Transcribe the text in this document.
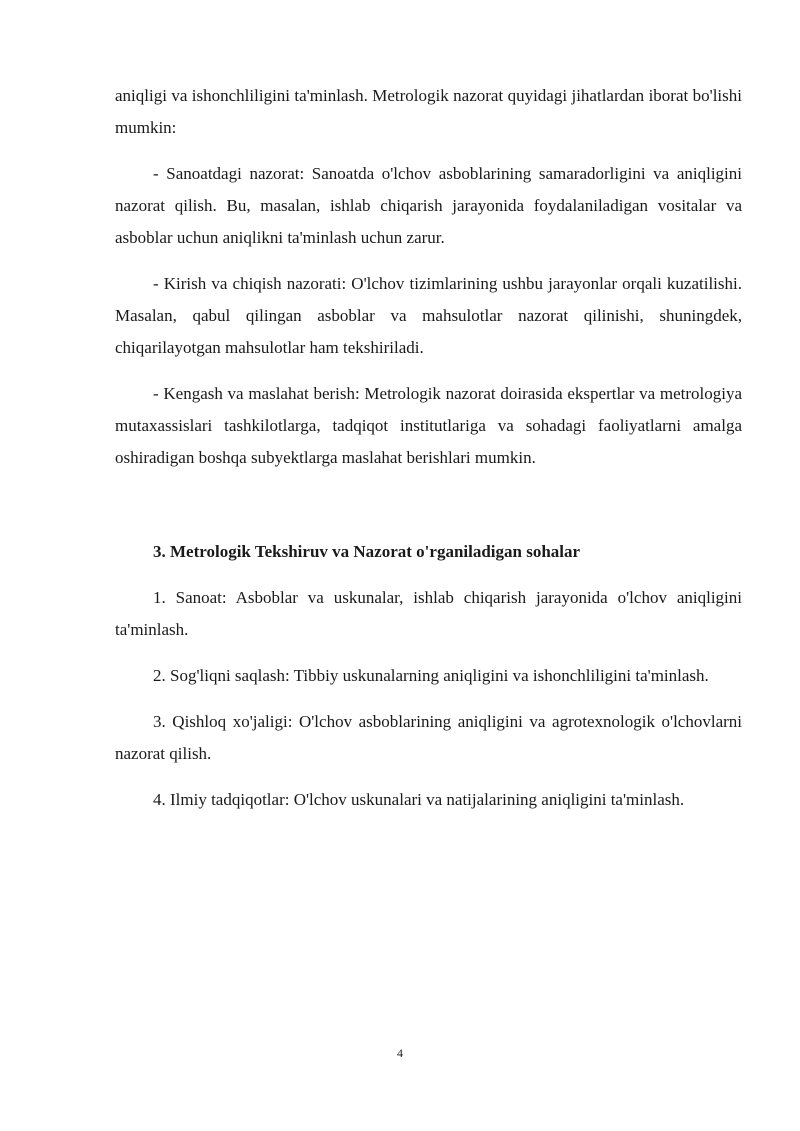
aniqligi va ishonchliligini ta'minlash. Metrologik nazorat quyidagi jihatlardan iborat bo'lishi mumkin:

- Sanoatdagi nazorat: Sanoatda o'lchov asboblarining samaradorligini va aniqligini nazorat qilish. Bu, masalan, ishlab chiqarish jarayonida foydalaniladigan vositalar va asboblar uchun aniqlikni ta'minlash uchun zarur.

- Kirish va chiqish nazorati: O'lchov tizimlarining ushbu jarayonlar orqali kuzatilishi. Masalan, qabul qilingan asboblar va mahsulotlar nazorat qilinishi, shuningdek, chiqarilayotgan mahsulotlar ham tekshiriladi.

- Kengash va maslahat berish: Metrologik nazorat doirasida ekspertlar va metrologiya mutaxassislari tashkilotlarga, tadqiqot institutlariga va sohadagi faoliyatlarni amalga oshiradigan boshqa subyektlarga maslahat berishlari mumkin.

3. Metrologik Tekshiruv va Nazorat o'rganiladigan sohalar

1. Sanoat: Asboblar va uskunalar, ishlab chiqarish jarayonida o'lchov aniqligini ta'minlash.

2. Sog'liqni saqlash: Tibbiy uskunalarning aniqligini va ishonchliligini ta'minlash.

3. Qishloq xo'jaligi: O'lchov asboblarining aniqligini va agrotexnologik o'lchovlarni nazorat qilish.

4. Ilmiy tadqiqotlar: O'lchov uskunalari va natijalarining aniqligini ta'minlash.

4
